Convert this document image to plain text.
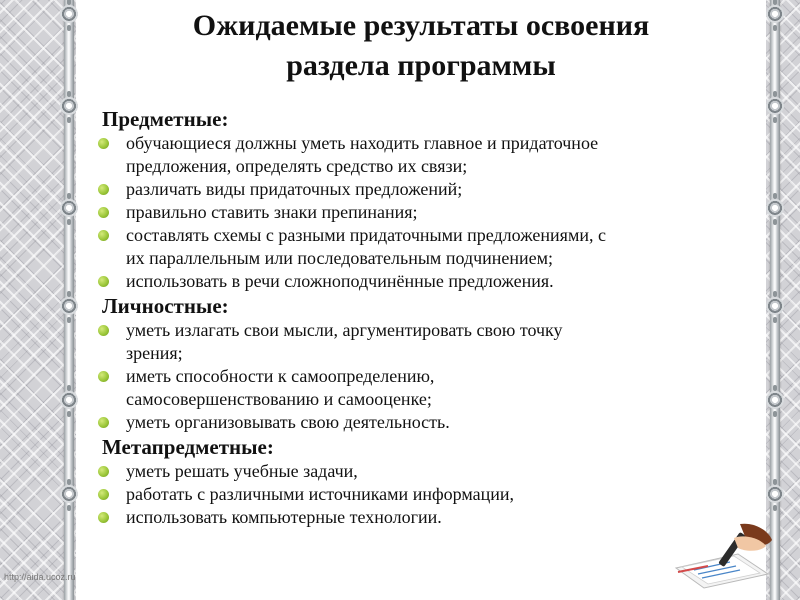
Ожидаемые результаты освоения
раздела программы
Предметные:
обучающиеся должны уметь находить главное и придаточное
предложения, определять средство их связи;
различать виды придаточных предложений;
правильно ставить знаки препинания;
составлять схемы с разными придаточными предложениями, с
их параллельным или последовательным подчинением;
использовать в речи сложноподчинённые предложения.
Личностные:
уметь излагать свои мысли, аргументировать свою точку
зрения;
иметь способности к самоопределению,
самосовершенствованию и самооценке;
уметь организовывать свою деятельность.
Метапредметные:
уметь решать учебные задачи,
работать с различными источниками информации,
использовать компьютерные технологии.
http://aida.ucoz.ru
